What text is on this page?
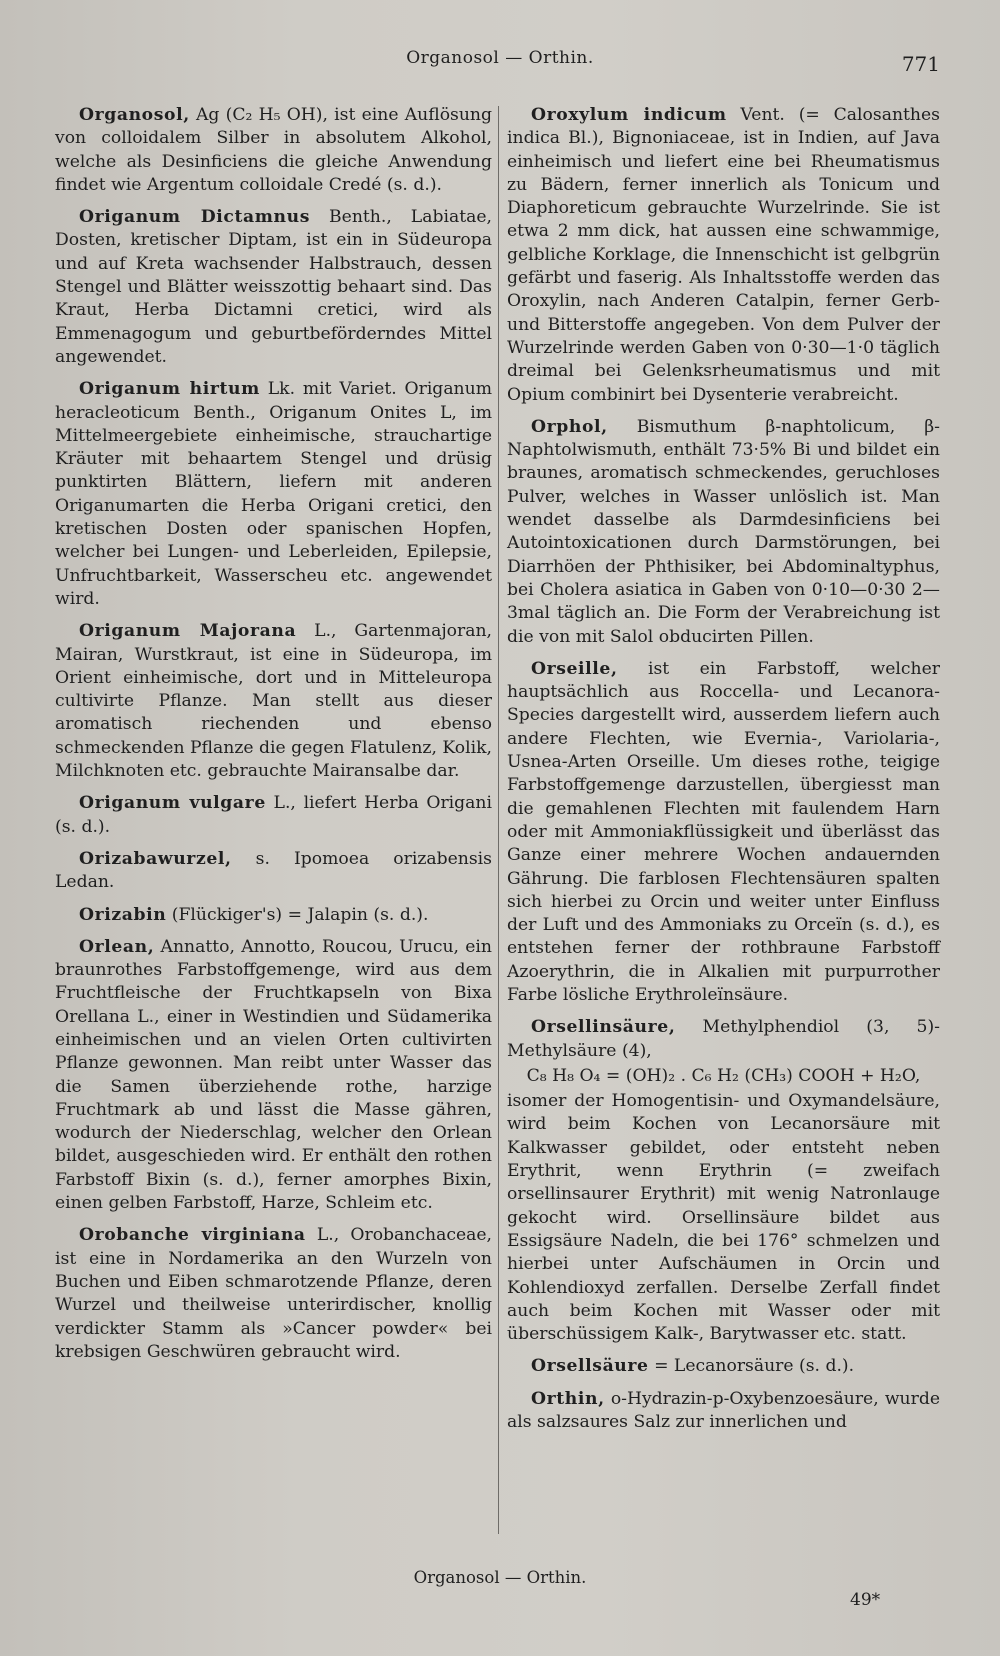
Organosol — Orthin.	771

Organosol, Ag (C₂ H₅ OH), ist eine Auflösung von colloidalem Silber in absolutem Alkohol, welche als Desinficiens die gleiche Anwendung findet wie Argentum colloidale Credé (s. d.).

Origanum Dictamnus Benth., Labiatae, Dosten, kretischer Diptam, ist ein in Südeuropa und auf Kreta wachsender Halbstrauch, dessen Stengel und Blätter weisszottig behaart sind. Das Kraut, Herba Dictamni cretici, wird als Emmenagogum und geburtbeförderndes Mittel angewendet.

Origanum hirtum Lk. mit Variet. Origanum heracleoticum Benth., Origanum Onites L, im Mittelmeergebiete einheimische, strauchartige Kräuter mit behaartem Stengel und drüsig punktirten Blättern, liefern mit anderen Origanumarten die Herba Origani cretici, den kretischen Dosten oder spanischen Hopfen, welcher bei Lungen- und Leberleiden, Epilepsie, Unfruchtbarkeit, Wasserscheu etc. angewendet wird.

Origanum Majorana L., Gartenmajoran, Mairan, Wurstkraut, ist eine in Südeuropa, im Orient einheimische, dort und in Mitteleuropa cultivirte Pflanze. Man stellt aus dieser aromatisch riechenden und ebenso schmeckenden Pflanze die gegen Flatulenz, Kolik, Milchknoten etc. gebrauchte Mairansalbe dar.

Origanum vulgare L., liefert Herba Origani (s. d.).

Orizabawurzel, s. Ipomoea orizabensis Ledan.

Orizabin (Flückiger's) = Jalapin (s. d.).

Orlean, Annatto, Annotto, Roucou, Urucu, ein braunrothes Farbstoffgemenge, wird aus dem Fruchtfleische der Fruchtkapseln von Bixa Orellana L., einer in Westindien und Südamerika einheimischen und an vielen Orten cultivirten Pflanze gewonnen. Man reibt unter Wasser das die Samen überziehende rothe, harzige Fruchtmark ab und lässt die Masse gähren, wodurch der Niederschlag, welcher den Orlean bildet, ausgeschieden wird. Er enthält den rothen Farbstoff Bixin (s. d.), ferner amorphes Bixin, einen gelben Farbstoff, Harze, Schleim etc.

Orobanche virginiana L., Orobanchaceae, ist eine in Nordamerika an den Wurzeln von Buchen und Eiben schmarotzende Pflanze, deren Wurzel und theilweise unterirdischer, knollig verdickter Stamm als »Cancer powder« bei krebsigen Geschwüren gebraucht wird.

Oroxylum indicum Vent. (= Calosanthes indica Bl.), Bignoniaceae, ist in Indien, auf Java einheimisch und liefert eine bei Rheumatismus zu Bädern, ferner innerlich als Tonicum und Diaphoreticum gebrauchte Wurzelrinde. Sie ist etwa 2 mm dick, hat aussen eine schwammige, gelbliche Korklage, die Innenschicht ist gelbgrün gefärbt und faserig. Als Inhaltsstoffe werden das Oroxylin, nach Anderen Catalpin, ferner Gerb- und Bitterstoffe angegeben. Von dem Pulver der Wurzelrinde werden Gaben von 0·30—1·0 täglich dreimal bei Gelenksrheumatismus und mit Opium combinirt bei Dysenterie verabreicht.

Orphol, Bismuthum β-naphtolicum, β-Naphtolwismuth, enthält 73·5% Bi und bildet ein braunes, aromatisch schmeckendes, geruchloses Pulver, welches in Wasser unlöslich ist. Man wendet dasselbe als Darmdesinficiens bei Autointoxicationen durch Darmstörungen, bei Diarrhöen der Phthisiker, bei Abdominaltyphus, bei Cholera asiatica in Gaben von 0·10—0·30 2—3mal täglich an. Die Form der Verabreichung ist die von mit Salol obducirten Pillen.

Orseille, ist ein Farbstoff, welcher hauptsächlich aus Roccella- und Lecanora-Species dargestellt wird, ausserdem liefern auch andere Flechten, wie Evernia-, Variolaria-, Usnea-Arten Orseille. Um dieses rothe, teigige Farbstoffgemenge darzustellen, übergiesst man die gemahlenen Flechten mit faulendem Harn oder mit Ammoniakflüssigkeit und überlässt das Ganze einer mehrere Wochen andauernden Gährung. Die farblosen Flechtensäuren spalten sich hierbei zu Orcin und weiter unter Einfluss der Luft und des Ammoniaks zu Orceïn (s. d.), es entstehen ferner der rothbraune Farbstoff Azoerythrin, die in Alkalien mit purpurrother Farbe lösliche Erythroleïnsäure.

Orsellinsäure, Methylphendiol (3, 5)-Methylsäure (4),

C₈ H₈ O₄ = (OH)₂ . C₆ H₂ (CH₃) COOH + H₂O,

isomer der Homogentisin- und Oxymandelsäure, wird beim Kochen von Lecanorsäure mit Kalkwasser gebildet, oder entsteht neben Erythrit, wenn Erythrin (= zweifach orsellinsaurer Erythrit) mit wenig Natronlauge gekocht wird. Orsellinsäure bildet aus Essigsäure Nadeln, die bei 176° schmelzen und hierbei unter Aufschäumen in Orcin und Kohlendioxyd zerfallen. Derselbe Zerfall findet auch beim Kochen mit Wasser oder mit überschüssigem Kalk-, Barytwasser etc. statt.

Orsellsäure = Lecanorsäure (s. d.).

Orthin, o-Hydrazin-p-Oxybenzoesäure, wurde als salzsaures Salz zur innerlichen und

Organosol — Orthin.
49*
